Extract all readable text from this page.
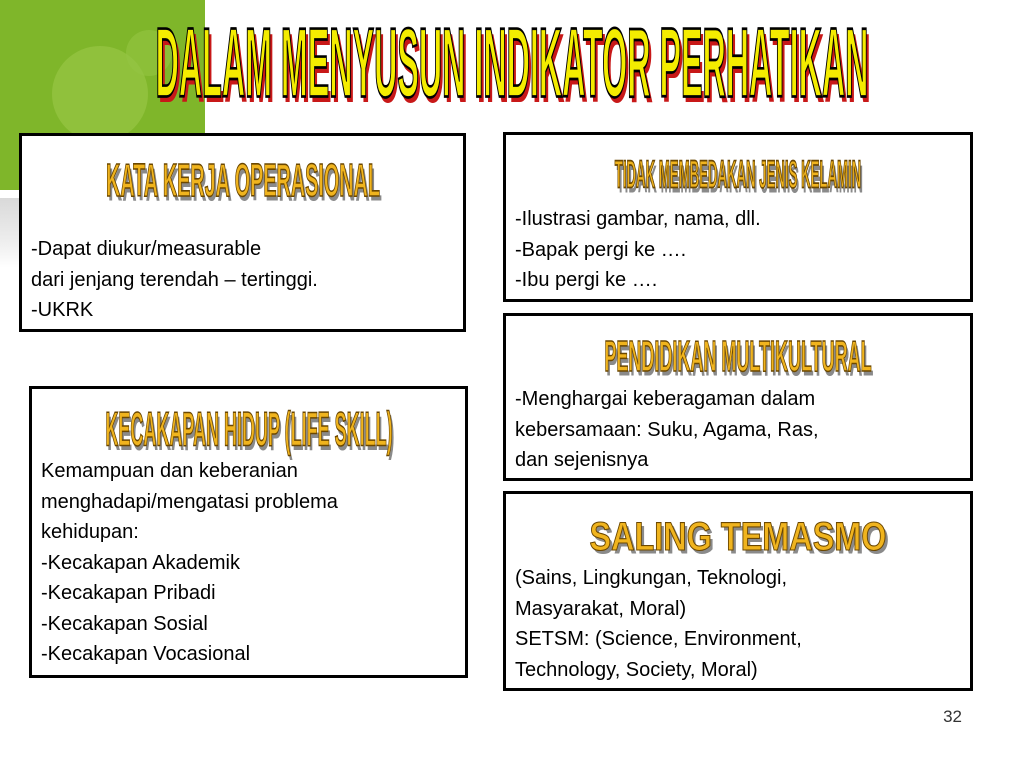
DALAM MENYUSUN INDIKATOR PERHATIKAN
KATA KERJA OPERASIONAL
-Dapat diukur/measurable
dari jenjang terendah – tertinggi.
-UKRK
TIDAK MEMBEDAKAN JENIS KELAMIN
-Ilustrasi gambar, nama, dll.
-Bapak pergi ke ….
-Ibu pergi ke ….
PENDIDIKAN MULTIKULTURAL
-Menghargai keberagaman dalam
kebersamaan: Suku, Agama, Ras,
dan sejenisnya
KECAKAPAN HIDUP (LIFE SKILL)
Kemampuan dan keberanian
menghadapi/mengatasi problema
kehidupan:
-Kecakapan Akademik
-Kecakapan Pribadi
-Kecakapan Sosial
-Kecakapan Vocasional
SALING TEMASMO
(Sains, Lingkungan, Teknologi,
Masyarakat, Moral)
SETSM: (Science, Environment,
Technology, Society, Moral)
32
